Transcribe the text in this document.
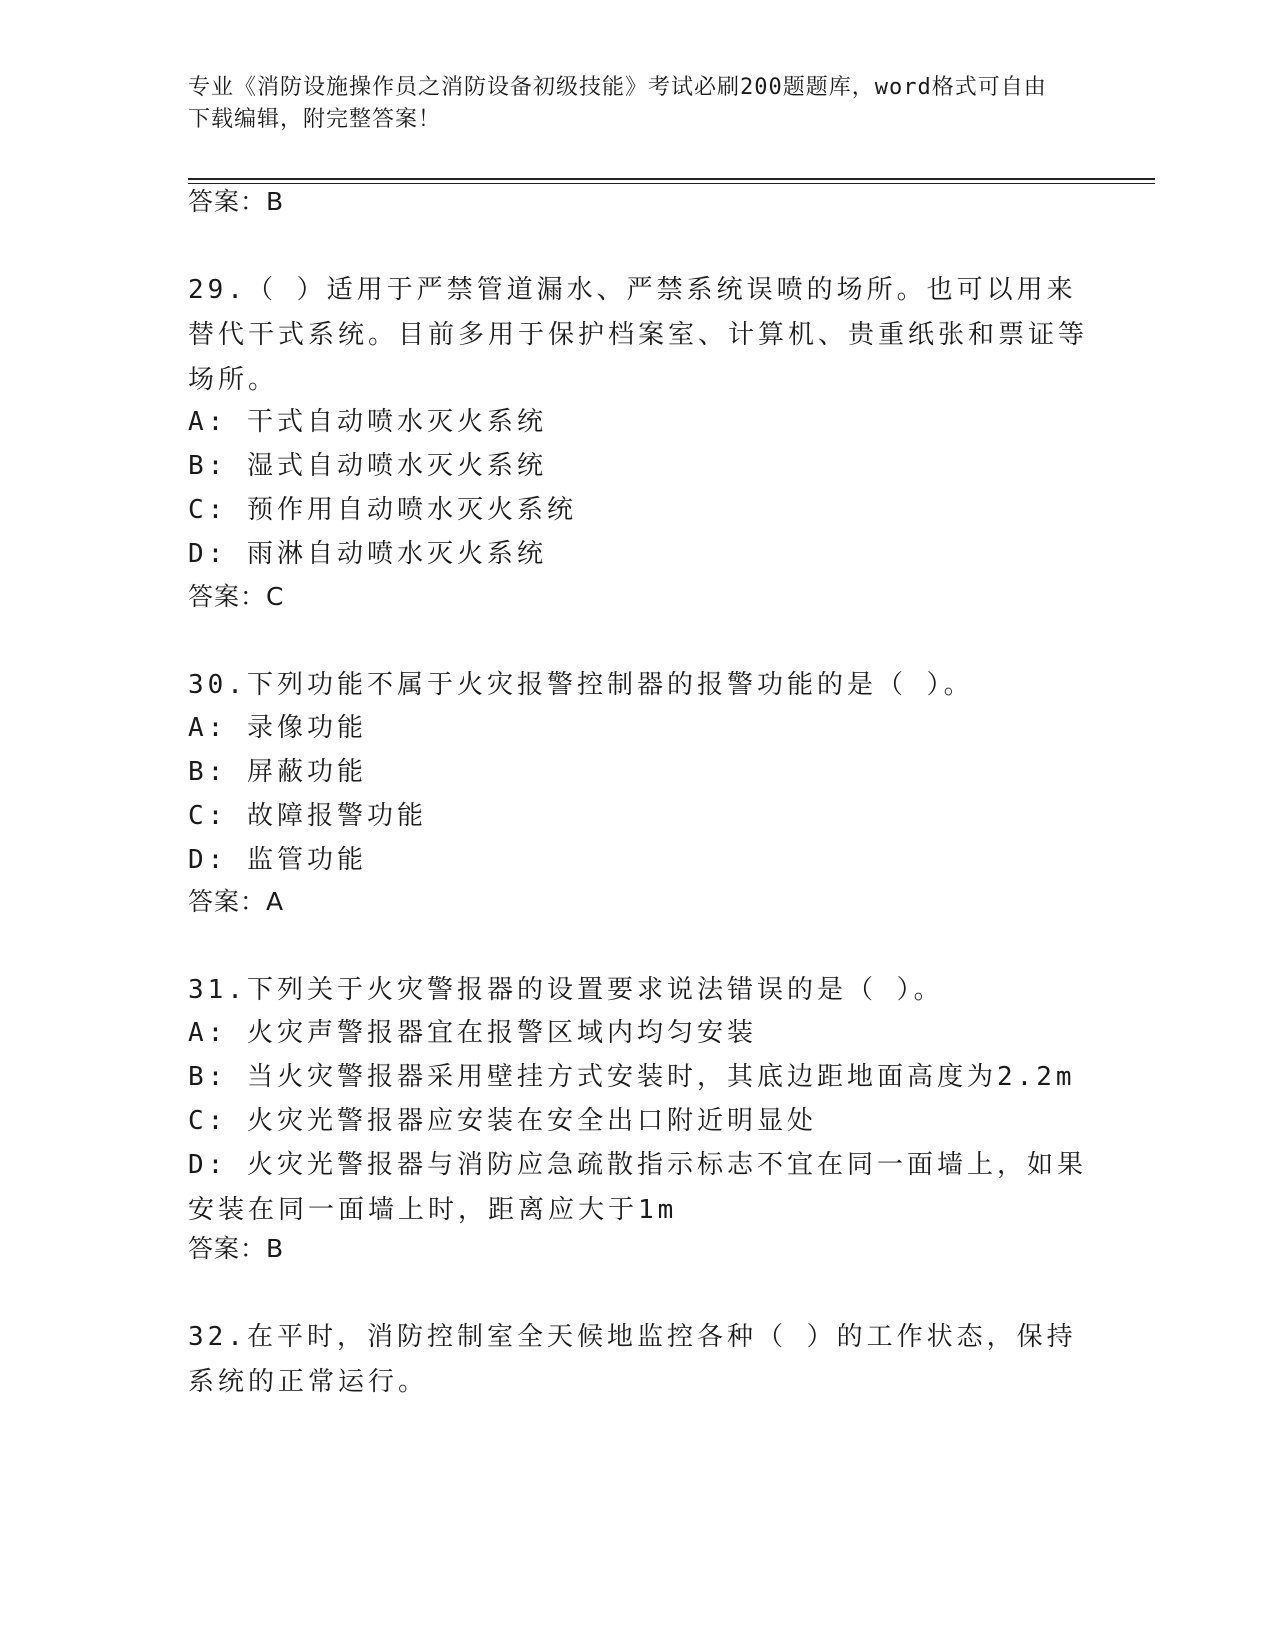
专业《消防设施操作员之消防设备初级技能》考试必刷200题题库，word格式可自由下载编辑，附完整答案！
答案：B
29.（ ）适用于严禁管道漏水、严禁系统误喷的场所。也可以用来替代干式系统。目前多用于保护档案室、计算机、贵重纸张和票证等场所。
A: 干式自动喷水灭火系统
B: 湿式自动喷水灭火系统
C: 预作用自动喷水灭火系统
D: 雨淋自动喷水灭火系统
答案：C
30.下列功能不属于火灾报警控制器的报警功能的是（ ）。
A: 录像功能
B: 屏蔽功能
C: 故障报警功能
D: 监管功能
答案：A
31.下列关于火灾警报器的设置要求说法错误的是（ ）。
A: 火灾声警报器宜在报警区域内均匀安装
B: 当火灾警报器采用壁挂方式安装时，其底边距地面高度为2.2m
C: 火灾光警报器应安装在安全出口附近明显处
D: 火灾光警报器与消防应急疏散指示标志不宜在同一面墙上，如果安装在同一面墙上时，距离应大于1m
答案：B
32.在平时，消防控制室全天候地监控各种（ ）的工作状态，保持系统的正常运行。
